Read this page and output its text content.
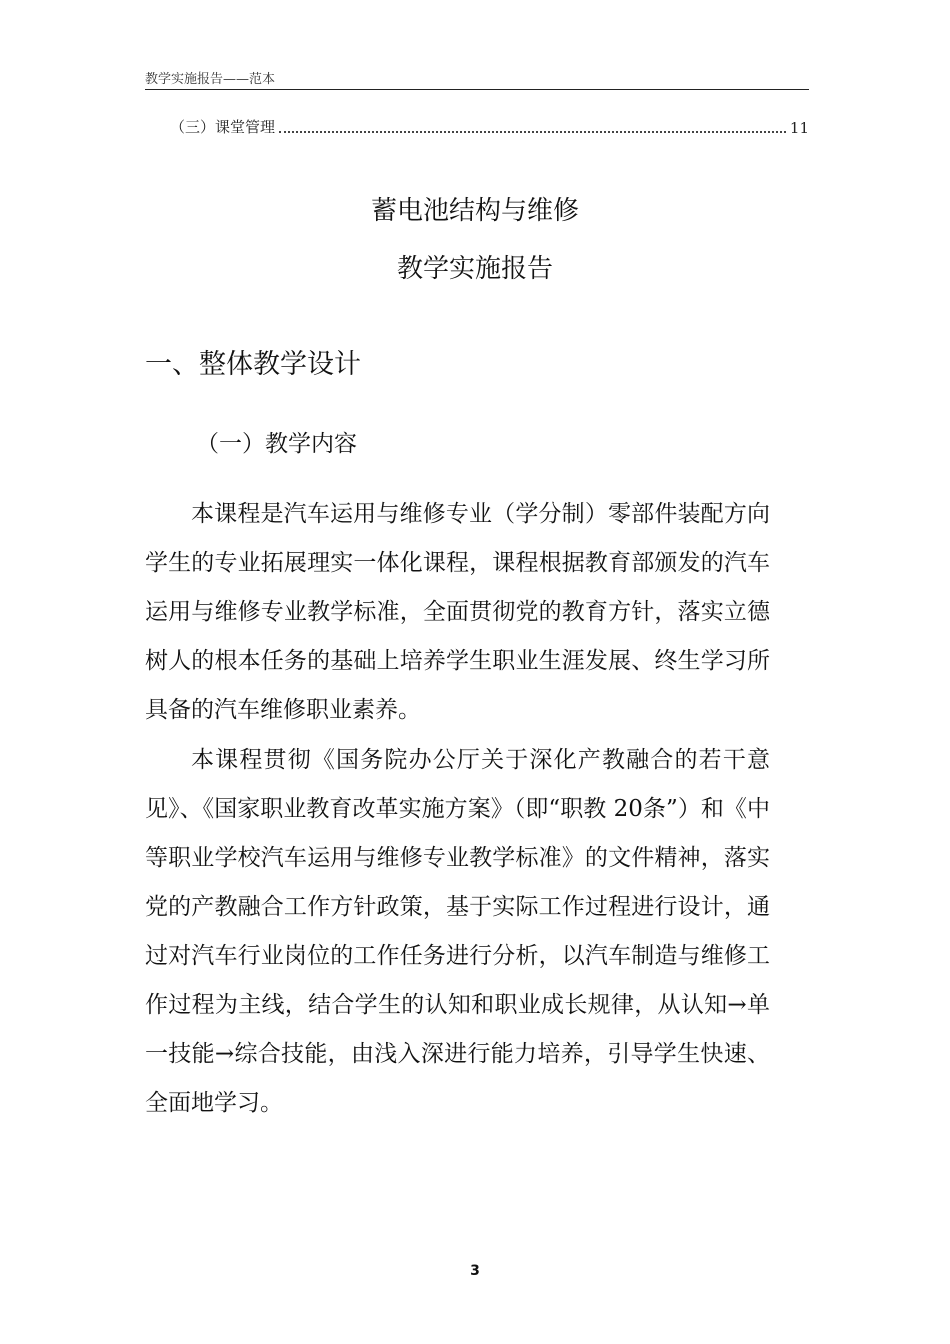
教学实施报告——范本
（三）课堂管理	11
蓄电池结构与维修
教学实施报告
一、整体教学设计
（一）教学内容

本课程是汽车运用与维修专业（学分制）零部件装配方向学生的专业拓展理实一体化课程，课程根据教育部颁发的汽车运用与维修专业教学标准，全面贯彻党的教育方针，落实立德树人的根本任务的基础上培养学生职业生涯发展、终生学习所具备的汽车维修职业素养。

本课程贯彻《国务院办公厅关于深化产教融合的若干意见》、《国家职业教育改革实施方案》（即“职教 20条”）和《中等职业学校汽车运用与维修专业教学标准》的文件精神，落实党的产教融合工作方针政策，基于实际工作过程进行设计，通过对汽车行业岗位的工作任务进行分析，以汽车制造与维修工作过程为主线，结合学生的认知和职业成长规律，从认知→单一技能→综合技能，由浅入深进行能力培养，引导学生快速、全面地学习。

3
